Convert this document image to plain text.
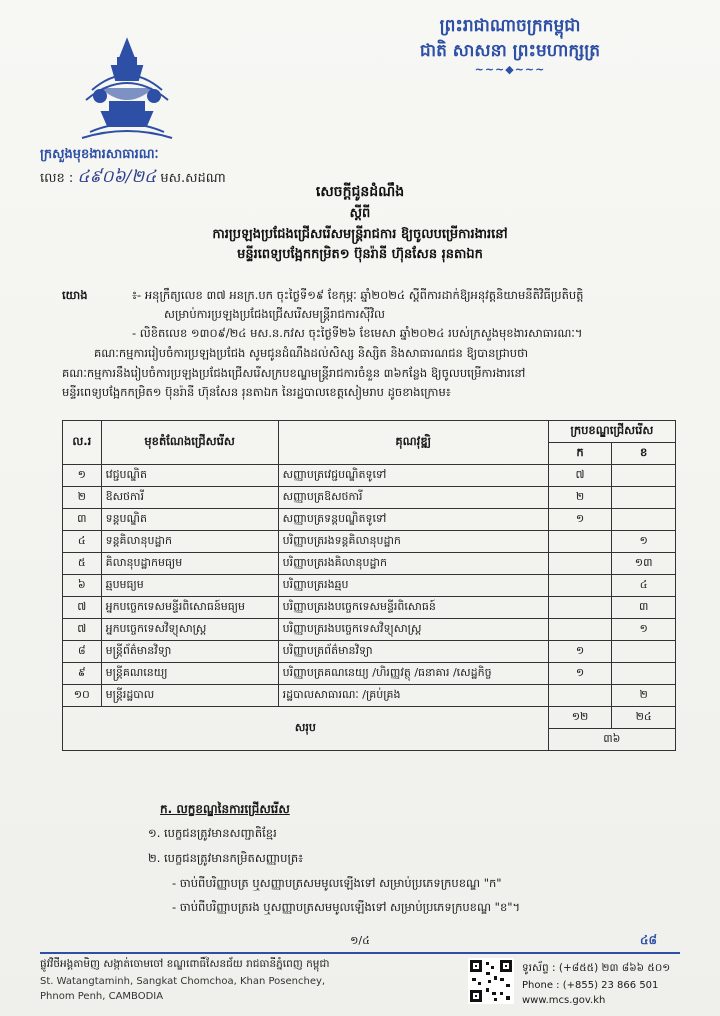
ព្រះរាជាណាចក្រកម្ពុជា
ជាតិ សាសនា ព្រះមហាក្សត្រ
~~~◆~~~
ក្រសួងមុខងារសាធារណៈ
លេខ : ៤៩០៦/២៤ មស.សដណា
សេចក្ដីជូនដំណឹង
ស្ដីពី
ការប្រឡងប្រជែងជ្រើសរើសមន្ត្រីរាជការ ឱ្យចូលបម្រើការងារនៅ
មន្ទីរពេទ្យបង្អែកកម្រិត១ ប៊ុនរ៉ានី ហ៊ុនសែន រុនតាឯក
យោង	៖- អនុក្រឹត្យលេខ ៣៧ អនក្រ.បក ចុះថ្ងៃទី១៩ ខែកុម្ភៈ ឆ្នាំ២០២៤ ស្ដីពីការដាក់ឱ្យអនុវត្តនិយាមនីតិវិធីប្រតិបត្តិ
សម្រាប់ការប្រឡងប្រជែងជ្រើសរើសមន្ត្រីរាជការស៊ីវិល
- លិខិតលេខ ១៣០៩/២៤ មស.ន.កវស ចុះថ្ងៃទី២៦ ខែមេសា ឆ្នាំ២០២៤ របស់ក្រសួងមុខងារសាធារណៈ។
គណៈកម្មការរៀបចំការប្រឡងប្រជែង សូមជូនដំណឹងដល់សិស្ស និស្សិត និងសាធារណជន ឱ្យបានជ្រាបថា
គណៈកម្មការនឹងរៀបចំការប្រឡងប្រជែងជ្រើសរើសក្របខណ្ឌមន្ត្រីរាជការចំនួន ៣៦កន្លែង ឱ្យចូលបម្រើការងារនៅ
មន្ទីរពេទ្យបង្អែកកម្រិត១ ប៊ុនរ៉ានី ហ៊ុនសែន រុនតាឯក នៃរដ្ឋបាលខេត្តសៀមរាប ដូចខាងក្រោម៖
ល.រ	មុខតំណែងជ្រើសរើស	គុណវុឌ្ឍិ	ក្របខណ្ឌជ្រើសរើស	
			ក	ខ
១	វេជ្ជបណ្ឌិត	សញ្ញាបត្រវេជ្ជបណ្ឌិតទូទៅ	៧	
២	ឱសថការី	សញ្ញាបត្រឱសថការី	២	
៣	ទន្តបណ្ឌិត	សញ្ញាបត្រទន្តបណ្ឌិតទូទៅ	១	
៤	ទន្តគិលានុបដ្ឋាក	បរិញ្ញាបត្ររងទន្តគិលានុបដ្ឋាក		១
៥	គិលានុបដ្ឋាកមធ្យម	បរិញ្ញាបត្ររងគិលានុបដ្ឋាក		១៣
៦	ឆ្មបមធ្យម	បរិញ្ញាបត្ររងឆ្មប		៤
៧	អ្នកបច្ចេកទេសមន្ទីរពិសោធន៍មធ្យម	បរិញ្ញាបត្ររងបច្ចេកទេសមន្ទីរពិសោធន៍		៣
៧	អ្នកបច្ចេកទេសវិទ្យុសាស្ត្រ	បរិញ្ញាបត្ររងបច្ចេកទេសវិទ្យុសាស្ត្រ		១
៨	មន្ត្រីព័ត៌មានវិទ្យា	បរិញ្ញាបត្រព័ត៌មានវិទ្យា	១	
៩	មន្ត្រីគណនេយ្យ	បរិញ្ញាបត្រគណនេយ្យ /ហិរញ្ញវត្ថុ /ធនាគារ /សេដ្ឋកិច្ច	១	
១០	មន្ត្រីរដ្ឋបាល	រដ្ឋបាលសាធារណៈ /គ្រប់គ្រង		២
សរុប			១២	២៤
			៣៦	
ក. លក្ខខណ្ឌនៃការជ្រើសរើស
១. បេក្ខជនត្រូវមានសញ្ជាតិខ្មែរ
២. បេក្ខជនត្រូវមានកម្រិតសញ្ញាបត្រ៖
- ចាប់ពីបរិញ្ញាបត្រ ឬសញ្ញាបត្រសមមូលឡើងទៅ សម្រាប់ប្រភេទក្របខណ្ឌ "ក"
- ចាប់ពីបរិញ្ញាបត្ររង ឬសញ្ញាបត្រសមមូលឡើងទៅ សម្រាប់ប្រភេទក្របខណ្ឌ "ខ"។
១/៤	៤៨
ផ្លូវវិថីអង្គតាមិញ សង្កាត់ចោមចៅ ខណ្ឌពោធិ៍សែនជ័យ រាជធានីភ្នំពេញ កម្ពុជា
St. Watangtaminh, Sangkat Chomchoa, Khan Posenchey,
Phnom Penh, CAMBODIA
ទូរស័ព្ទ : (+៨៥៥) ២៣ ៨៦៦ ៥០១
Phone : (+855) 23 866 501
www.mcs.gov.kh
